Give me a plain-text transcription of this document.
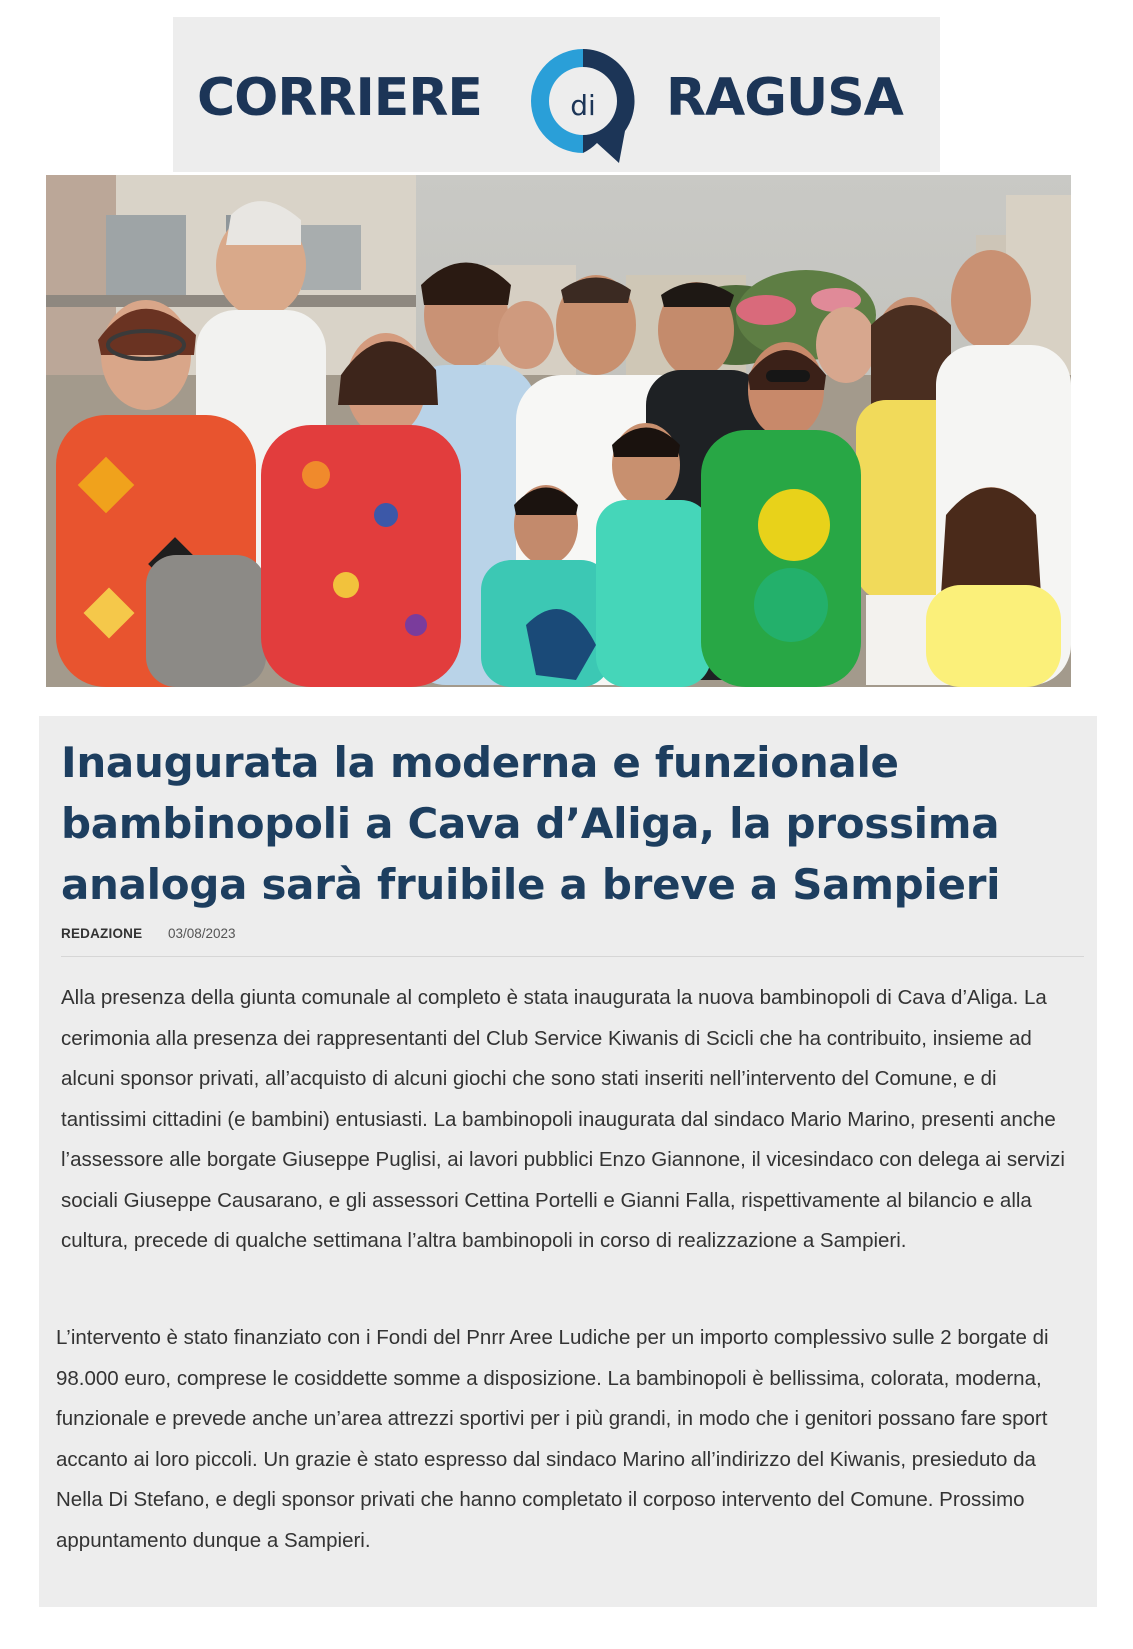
CORRIERE	di RAGUSA
Inaugurata la moderna e funzionale bambinopoli a Cava d’Aliga, la prossima analoga sarà fruibile a breve a Sampieri
REDAZIONE 03/08/2023

Alla presenza della giunta comunale al completo è stata inaugurata la nuova bambinopoli di Cava d’Aliga. La cerimonia alla presenza dei rappresentanti del Club Service Kiwanis di Scicli che ha contribuito, insieme ad alcuni sponsor privati, all’acquisto di alcuni giochi che sono stati inseriti nell’intervento del Comune, e di tantissimi cittadini (e bambini) entusiasti. La bambinopoli inaugurata dal sindaco Mario Marino, presenti anche l’assessore alle borgate Giuseppe Puglisi, ai lavori pubblici Enzo Giannone, il vicesindaco con delega ai servizi sociali Giuseppe Causarano, e gli assessori Cettina Portelli e Gianni Falla, rispettivamente al bilancio e alla cultura, precede di qualche settimana l’altra bambinopoli in corso di realizzazione a Sampieri.

L’intervento è stato finanziato con i Fondi del Pnrr Aree Ludiche per un importo complessivo sulle 2 borgate di 98.000 euro, comprese le cosiddette somme a disposizione. La bambinopoli è bellissima, colorata, moderna, funzionale e prevede anche un’area attrezzi sportivi per i più grandi, in modo che i genitori possano fare sport accanto ai loro piccoli. Un grazie è stato espresso dal sindaco Marino all’indirizzo del Kiwanis, presieduto da Nella Di Stefano, e degli sponsor privati che hanno completato il corposo intervento del Comune. Prossimo appuntamento dunque a Sampieri.
